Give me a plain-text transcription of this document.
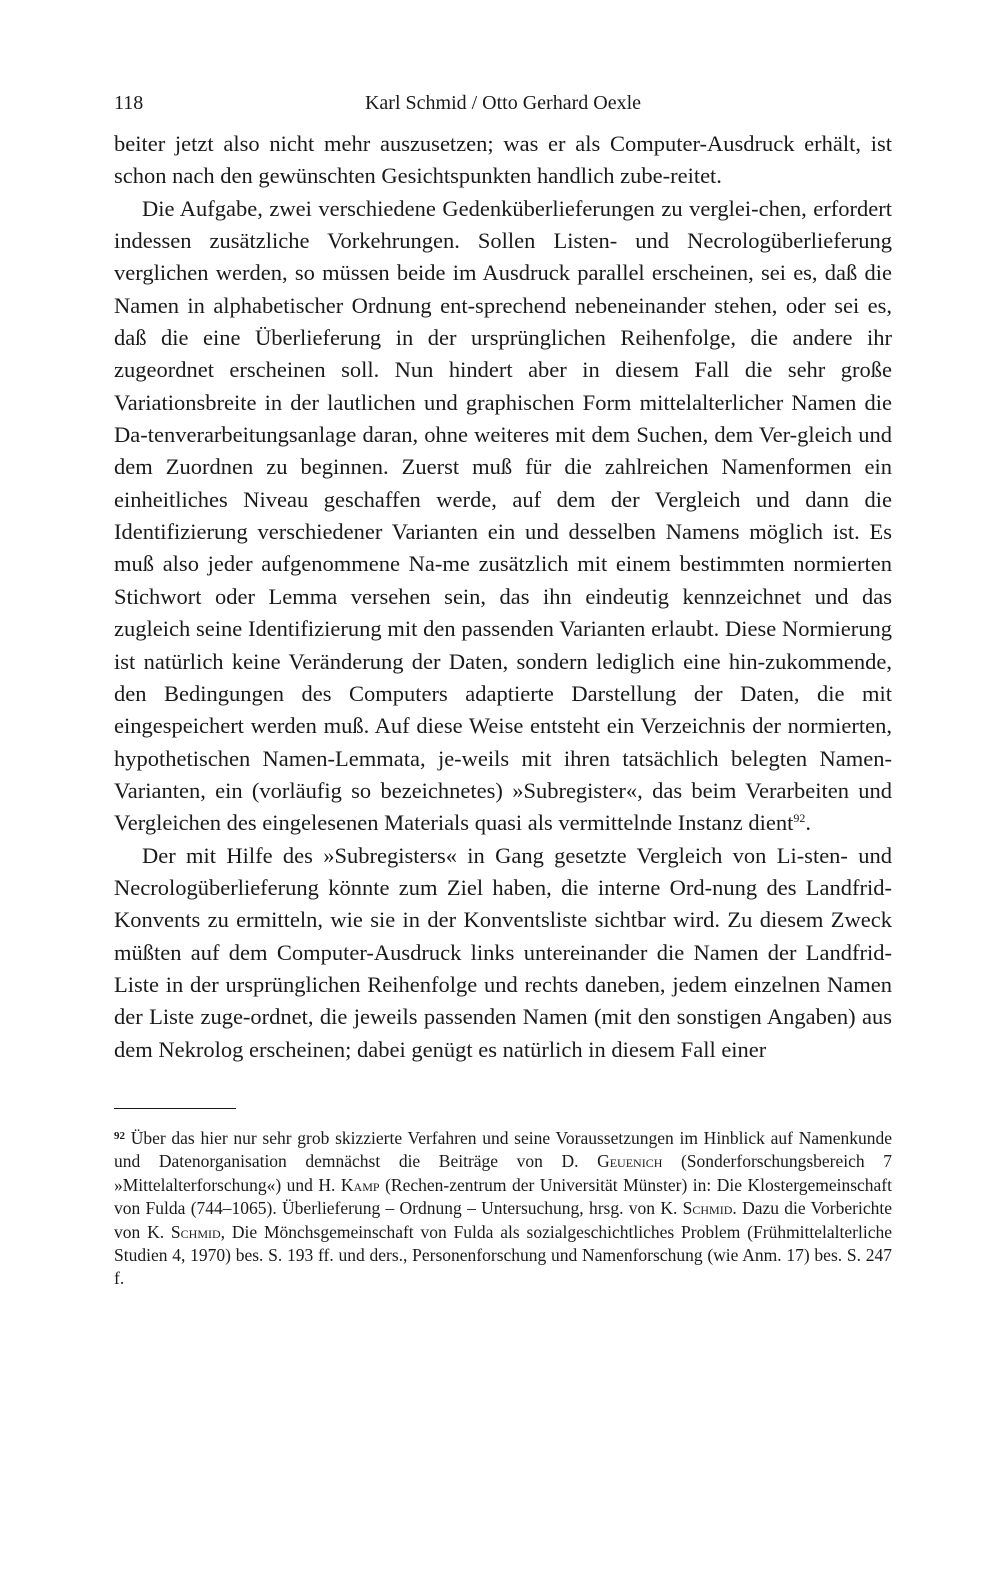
118	Karl Schmid / Otto Gerhard Oexle

beiter jetzt also nicht mehr auszusetzen; was er als Computer-Ausdruck erhält, ist schon nach den gewünschten Gesichtspunkten handlich zube-reitet.

Die Aufgabe, zwei verschiedene Gedenküberlieferungen zu verglei-chen, erfordert indessen zusätzliche Vorkehrungen. Sollen Listen- und Necrologüberlieferung verglichen werden, so müssen beide im Ausdruck parallel erscheinen, sei es, daß die Namen in alphabetischer Ordnung ent-sprechend nebeneinander stehen, oder sei es, daß die eine Überlieferung in der ursprünglichen Reihenfolge, die andere ihr zugeordnet erscheinen soll. Nun hindert aber in diesem Fall die sehr große Variationsbreite in der lautlichen und graphischen Form mittelalterlicher Namen die Da-tenverarbeitungsanlage daran, ohne weiteres mit dem Suchen, dem Ver-gleich und dem Zuordnen zu beginnen. Zuerst muß für die zahlreichen Namenformen ein einheitliches Niveau geschaffen werde, auf dem der Vergleich und dann die Identifizierung verschiedener Varianten ein und desselben Namens möglich ist. Es muß also jeder aufgenommene Na-me zusätzlich mit einem bestimmten normierten Stichwort oder Lemma versehen sein, das ihn eindeutig kennzeichnet und das zugleich seine Identifizierung mit den passenden Varianten erlaubt. Diese Normierung ist natürlich keine Veränderung der Daten, sondern lediglich eine hin-zukommende, den Bedingungen des Computers adaptierte Darstellung der Daten, die mit eingespeichert werden muß. Auf diese Weise entsteht ein Verzeichnis der normierten, hypothetischen Namen-Lemmata, je-weils mit ihren tatsächlich belegten Namen-Varianten, ein (vorläufig so bezeichnetes) »Subregister«, das beim Verarbeiten und Vergleichen des eingelesenen Materials quasi als vermittelnde Instanz dient$^{92}$.

Der mit Hilfe des »Subregisters« in Gang gesetzte Vergleich von Li-sten- und Necrologüberlieferung könnte zum Ziel haben, die interne Ord-nung des Landfrid-Konvents zu ermitteln, wie sie in der Konventsliste sichtbar wird. Zu diesem Zweck müßten auf dem Computer-Ausdruck links untereinander die Namen der Landfrid-Liste in der ursprünglichen Reihenfolge und rechts daneben, jedem einzelnen Namen der Liste zuge-ordnet, die jeweils passenden Namen (mit den sonstigen Angaben) aus dem Nekrolog erscheinen; dabei genügt es natürlich in diesem Fall einer

$^{92}$ Über das hier nur sehr grob skizzierte Verfahren und seine Voraussetzungen im Hinblick auf Namenkunde und Datenorganisation demnächst die Beiträge von D. Geuenich (Sonderforschungsbereich 7 »Mittelalterforschung«) und H. Kamp (Rechen-zentrum der Universität Münster) in: Die Klostergemeinschaft von Fulda (744–1065). Überlieferung – Ordnung – Untersuchung, hrsg. von K. Schmid. Dazu die Vorberichte von K. Schmid, Die Mönchsgemeinschaft von Fulda als sozialgeschichtliches Problem (Frühmittelalterliche Studien 4, 1970) bes. S. 193 ff. und ders., Personenforschung und Namenforschung (wie Anm. 17) bes. S. 247 f.
